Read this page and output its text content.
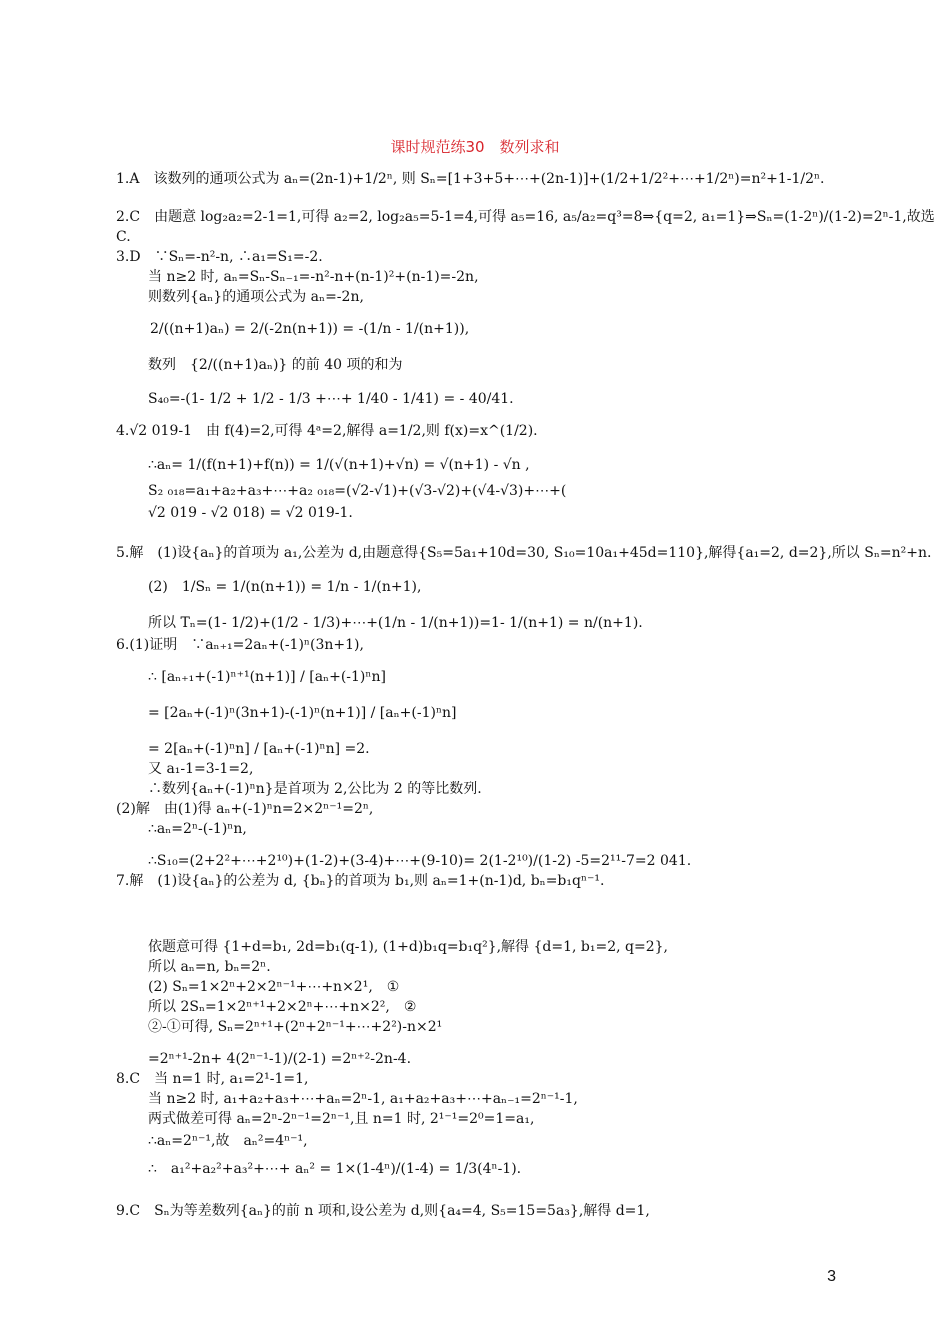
课时规范练30　数列求和
1.A　该数列的通项公式为 aₙ=(2n-1)+1/2ⁿ, 则 Sₙ=[1+3+5+⋯+(2n-1)]+(1/2+1/2²+⋯+1/2ⁿ)=n²+1-1/2ⁿ.
2.C　由题意 log₂a₂=2-1=1,可得 a₂=2, log₂a₅=5-1=4,可得 a₅=16, a₅/a₂=q³=8⇒{q=2, a₁=1}⇒Sₙ=(1-2ⁿ)/(1-2)=2ⁿ-1,故选
C.
3.D　∵Sₙ=-n²-n, ∴a₁=S₁=-2.
当 n≥2 时, aₙ=Sₙ-Sₙ₋₁=-n²-n+(n-1)²+(n-1)=-2n,
则数列{aₙ}的通项公式为 aₙ=-2n,
2/((n+1)aₙ) = 2/(-2n(n+1)) = -(1/n - 1/(n+1)),
数列　{2/((n+1)aₙ)} 的前 40 项的和为
S₄₀=-(1- 1/2 + 1/2 - 1/3 +⋯+ 1/40 - 1/41) = - 40/41.
4.√2 019-1　由 f(4)=2,可得 4ᵃ=2,解得 a=1/2,则 f(x)=x^(1/2).
∴aₙ= 1/(f(n+1)+f(n)) = 1/(√(n+1)+√n) = √(n+1) - √n ,
S₂ ₀₁₈=a₁+a₂+a₃+⋯+a₂ ₀₁₈=(√2-√1)+(√3-√2)+(√4-√3)+⋯+(
√2 019 - √2 018) = √2 019-1.
5.解　(1)设{aₙ}的首项为 a₁,公差为 d,由题意得{S₅=5a₁+10d=30, S₁₀=10a₁+45d=110},解得{a₁=2, d=2},所以 Sₙ=n²+n.
(2)　1/Sₙ = 1/(n(n+1)) = 1/n - 1/(n+1),
所以 Tₙ=(1- 1/2)+(1/2 - 1/3)+⋯+(1/n - 1/(n+1))=1- 1/(n+1) = n/(n+1).
6.(1)证明　∵aₙ₊₁=2aₙ+(-1)ⁿ(3n+1),
∴ [aₙ₊₁+(-1)ⁿ⁺¹(n+1)] / [aₙ+(-1)ⁿn]
= [2aₙ+(-1)ⁿ(3n+1)-(-1)ⁿ(n+1)] / [aₙ+(-1)ⁿn]
= 2[aₙ+(-1)ⁿn] / [aₙ+(-1)ⁿn] =2.
又 a₁-1=3-1=2,
∴数列{aₙ+(-1)ⁿn}是首项为 2,公比为 2 的等比数列.
(2)解　由(1)得 aₙ+(-1)ⁿn=2×2ⁿ⁻¹=2ⁿ,
∴aₙ=2ⁿ-(-1)ⁿn,
∴S₁₀=(2+2²+⋯+2¹⁰)+(1-2)+(3-4)+⋯+(9-10)= 2(1-2¹⁰)/(1-2) -5=2¹¹-7=2 041.
7.解　(1)设{aₙ}的公差为 d, {bₙ}的首项为 b₁,则 aₙ=1+(n-1)d, bₙ=b₁qⁿ⁻¹.
依题意可得 {1+d=b₁, 2d=b₁(q-1), (1+d)b₁q=b₁q²},解得 {d=1, b₁=2, q=2},
所以 aₙ=n, bₙ=2ⁿ.
(2) Sₙ=1×2ⁿ+2×2ⁿ⁻¹+⋯+n×2¹,　①
所以 2Sₙ=1×2ⁿ⁺¹+2×2ⁿ+⋯+n×2²,　②
②-①可得, Sₙ=2ⁿ⁺¹+(2ⁿ+2ⁿ⁻¹+⋯+2²)-n×2¹
=2ⁿ⁺¹-2n+ 4(2ⁿ⁻¹-1)/(2-1) =2ⁿ⁺²-2n-4.
8.C　当 n=1 时, a₁=2¹-1=1,
当 n≥2 时, a₁+a₂+a₃+⋯+aₙ=2ⁿ-1, a₁+a₂+a₃+⋯+aₙ₋₁=2ⁿ⁻¹-1,
两式做差可得 aₙ=2ⁿ-2ⁿ⁻¹=2ⁿ⁻¹,且 n=1 时, 2¹⁻¹=2⁰=1=a₁,
∴aₙ=2ⁿ⁻¹,故　aₙ²=4ⁿ⁻¹,
∴　a₁²+a₂²+a₃²+⋯+ aₙ² = 1×(1-4ⁿ)/(1-4) = 1/3(4ⁿ-1).
9.C　Sₙ为等差数列{aₙ}的前 n 项和,设公差为 d,则{a₄=4, S₅=15=5a₃},解得 d=1,
3
